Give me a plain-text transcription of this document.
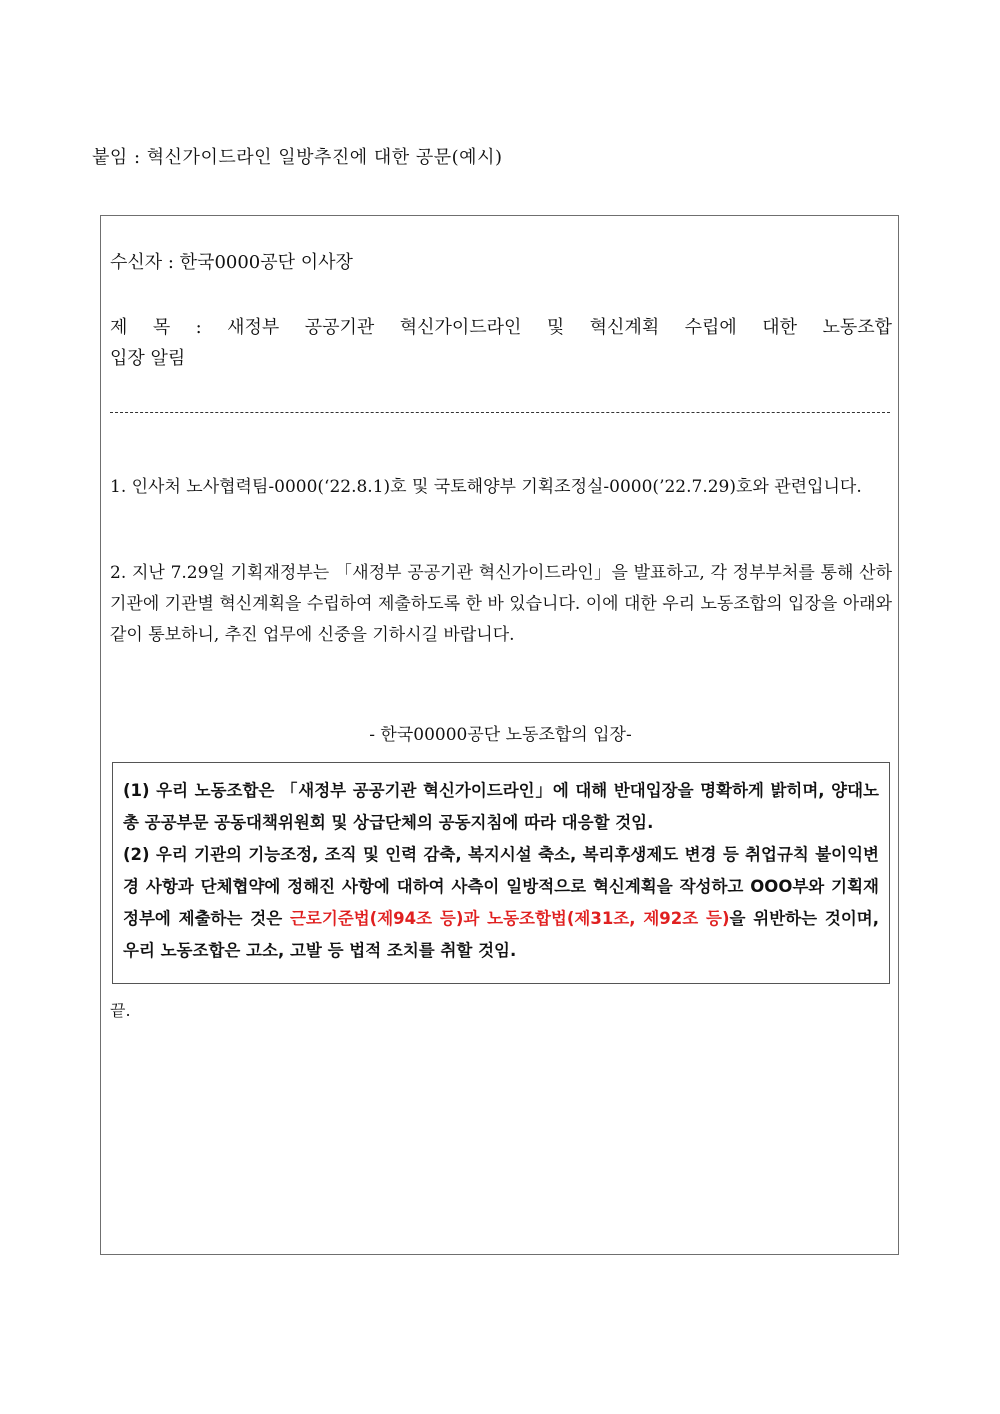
붙임 : 혁신가이드라인 일방추진에 대한 공문(예시)
수신자 : 한국0000공단 이사장
제 목 : 새정부 공공기관 혁신가이드라인 및 혁신계획 수립에 대한 노동조합
입장 알림
1. 인사처 노사협력팀-0000(‘22.8.1)호 및 국토해양부 기획조정실-0000(’22.7.29)호와 관련입니다.
2. 지난 7.29일 기획재정부는 「새정부 공공기관 혁신가이드라인」을 발표하고, 각 정부부처를 통해 산하기관에 기관별 혁신계획을 수립하여 제출하도록 한 바 있습니다. 이에 대한 우리 노동조합의 입장을 아래와 같이 통보하니, 추진 업무에 신중을 기하시길 바랍니다.
- 한국00000공단 노동조합의 입장-
(1) 우리 노동조합은 「새정부 공공기관 혁신가이드라인」에 대해 반대입장을 명확하게 밝히며, 양대노총 공공부문 공동대책위원회 및 상급단체의 공동지침에 따라 대응할 것임.
(2) 우리 기관의 기능조정, 조직 및 인력 감축, 복지시설 축소, 복리후생제도 변경 등 취업규칙 불이익변경 사항과 단체협약에 정해진 사항에 대하여 사측이 일방적으로 혁신계획을 작성하고 OOO부와 기획재정부에 제출하는 것은 근로기준법(제94조 등)과 노동조합법(제31조, 제92조 등)을 위반하는 것이며, 우리 노동조합은 고소, 고발 등 법적 조치를 취할 것임.
끝.
